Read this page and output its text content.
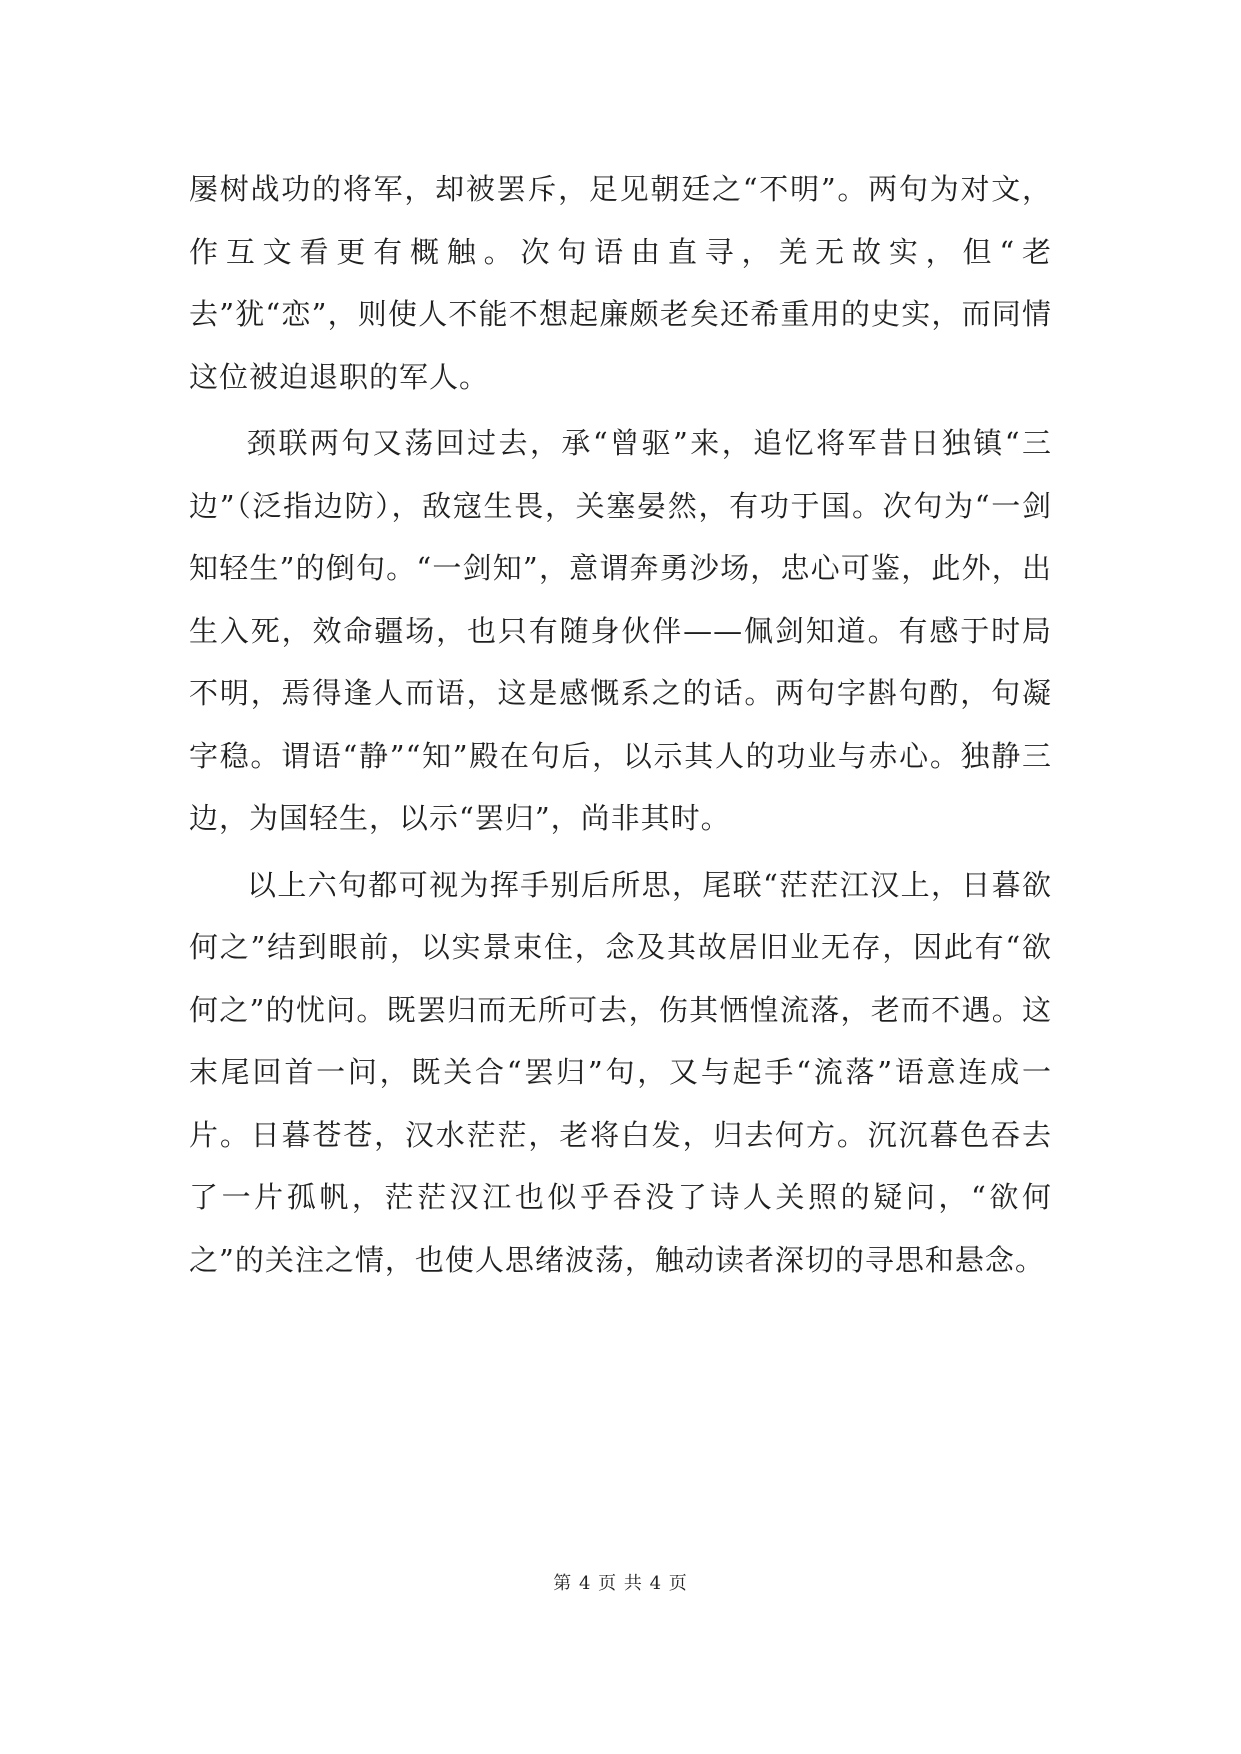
屡树战功的将军，却被罢斥，足见朝廷之“不明”。两句为对文，作互文看更有概触。次句语由直寻，羌无故实，但“老去”犹“恋”，则使人不能不想起廉颇老矣还希重用的史实，而同情这位被迫退职的军人。

颈联两句又荡回过去，承“曾驱”来，追忆将军昔日独镇“三边”（泛指边防），敌寇生畏，关塞晏然，有功于国。次句为“一剑知轻生”的倒句。“一剑知”，意谓奔勇沙场，忠心可鉴，此外，出生入死，效命疆场，也只有随身伙伴——佩剑知道。有感于时局不明，焉得逢人而语，这是感慨系之的话。两句字斟句酌，句凝字稳。谓语“静”“知”殿在句后，以示其人的功业与赤心。独静三边，为国轻生，以示“罢归”，尚非其时。

以上六句都可视为挥手别后所思，尾联“茫茫江汉上，日暮欲何之”结到眼前，以实景束住，念及其故居旧业无存，因此有“欲何之”的忧问。既罢归而无所可去，伤其恓惶流落，老而不遇。这末尾回首一问，既关合“罢归”句，又与起手“流落”语意连成一片。日暮苍苍，汉水茫茫，老将白发，归去何方。沉沉暮色吞去了一片孤帆，茫茫汉江也似乎吞没了诗人关照的疑问，“欲何之”的关注之情，也使人思绪波荡，触动读者深切的寻思和悬念。

第 4 页 共 4 页
